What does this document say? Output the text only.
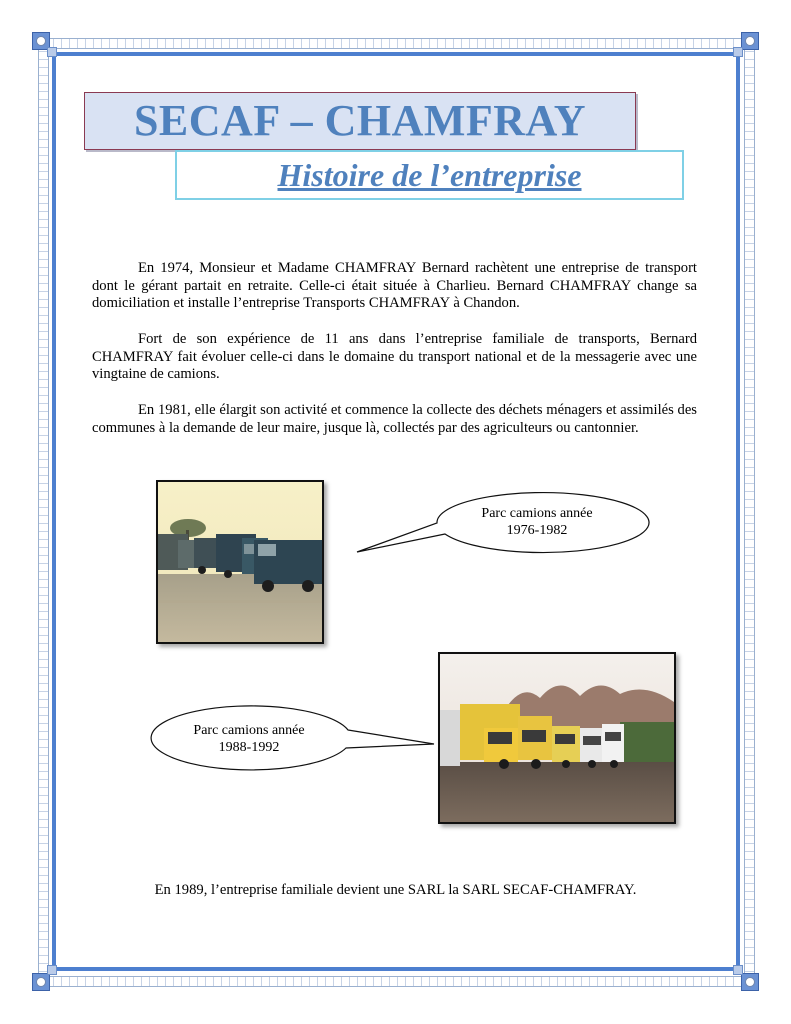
SECAF – CHAMFRAY
Histoire de l’entreprise

En 1974, Monsieur et Madame CHAMFRAY Bernard rachètent une entreprise de transport dont le gérant partait en retraite. Celle-ci était située à Charlieu. Bernard CHAMFRAY change sa domiciliation et installe l’entreprise Transports CHAMFRAY à Chandon.

Fort de son expérience de 11 ans dans l’entreprise familiale de transports, Bernard CHAMFRAY fait évoluer celle-ci dans le domaine du transport national et de la messagerie avec une vingtaine de camions.

En 1981, elle élargit son activité et commence la collecte des déchets ménagers et assimilés des communes à la demande de leur maire, jusque là, collectés par des agriculteurs ou cantonnier.

Parc camions année
1976-1982
Parc camions année
1988-1992
En 1989, l’entreprise familiale devient une SARL la SARL SECAF-CHAMFRAY.
